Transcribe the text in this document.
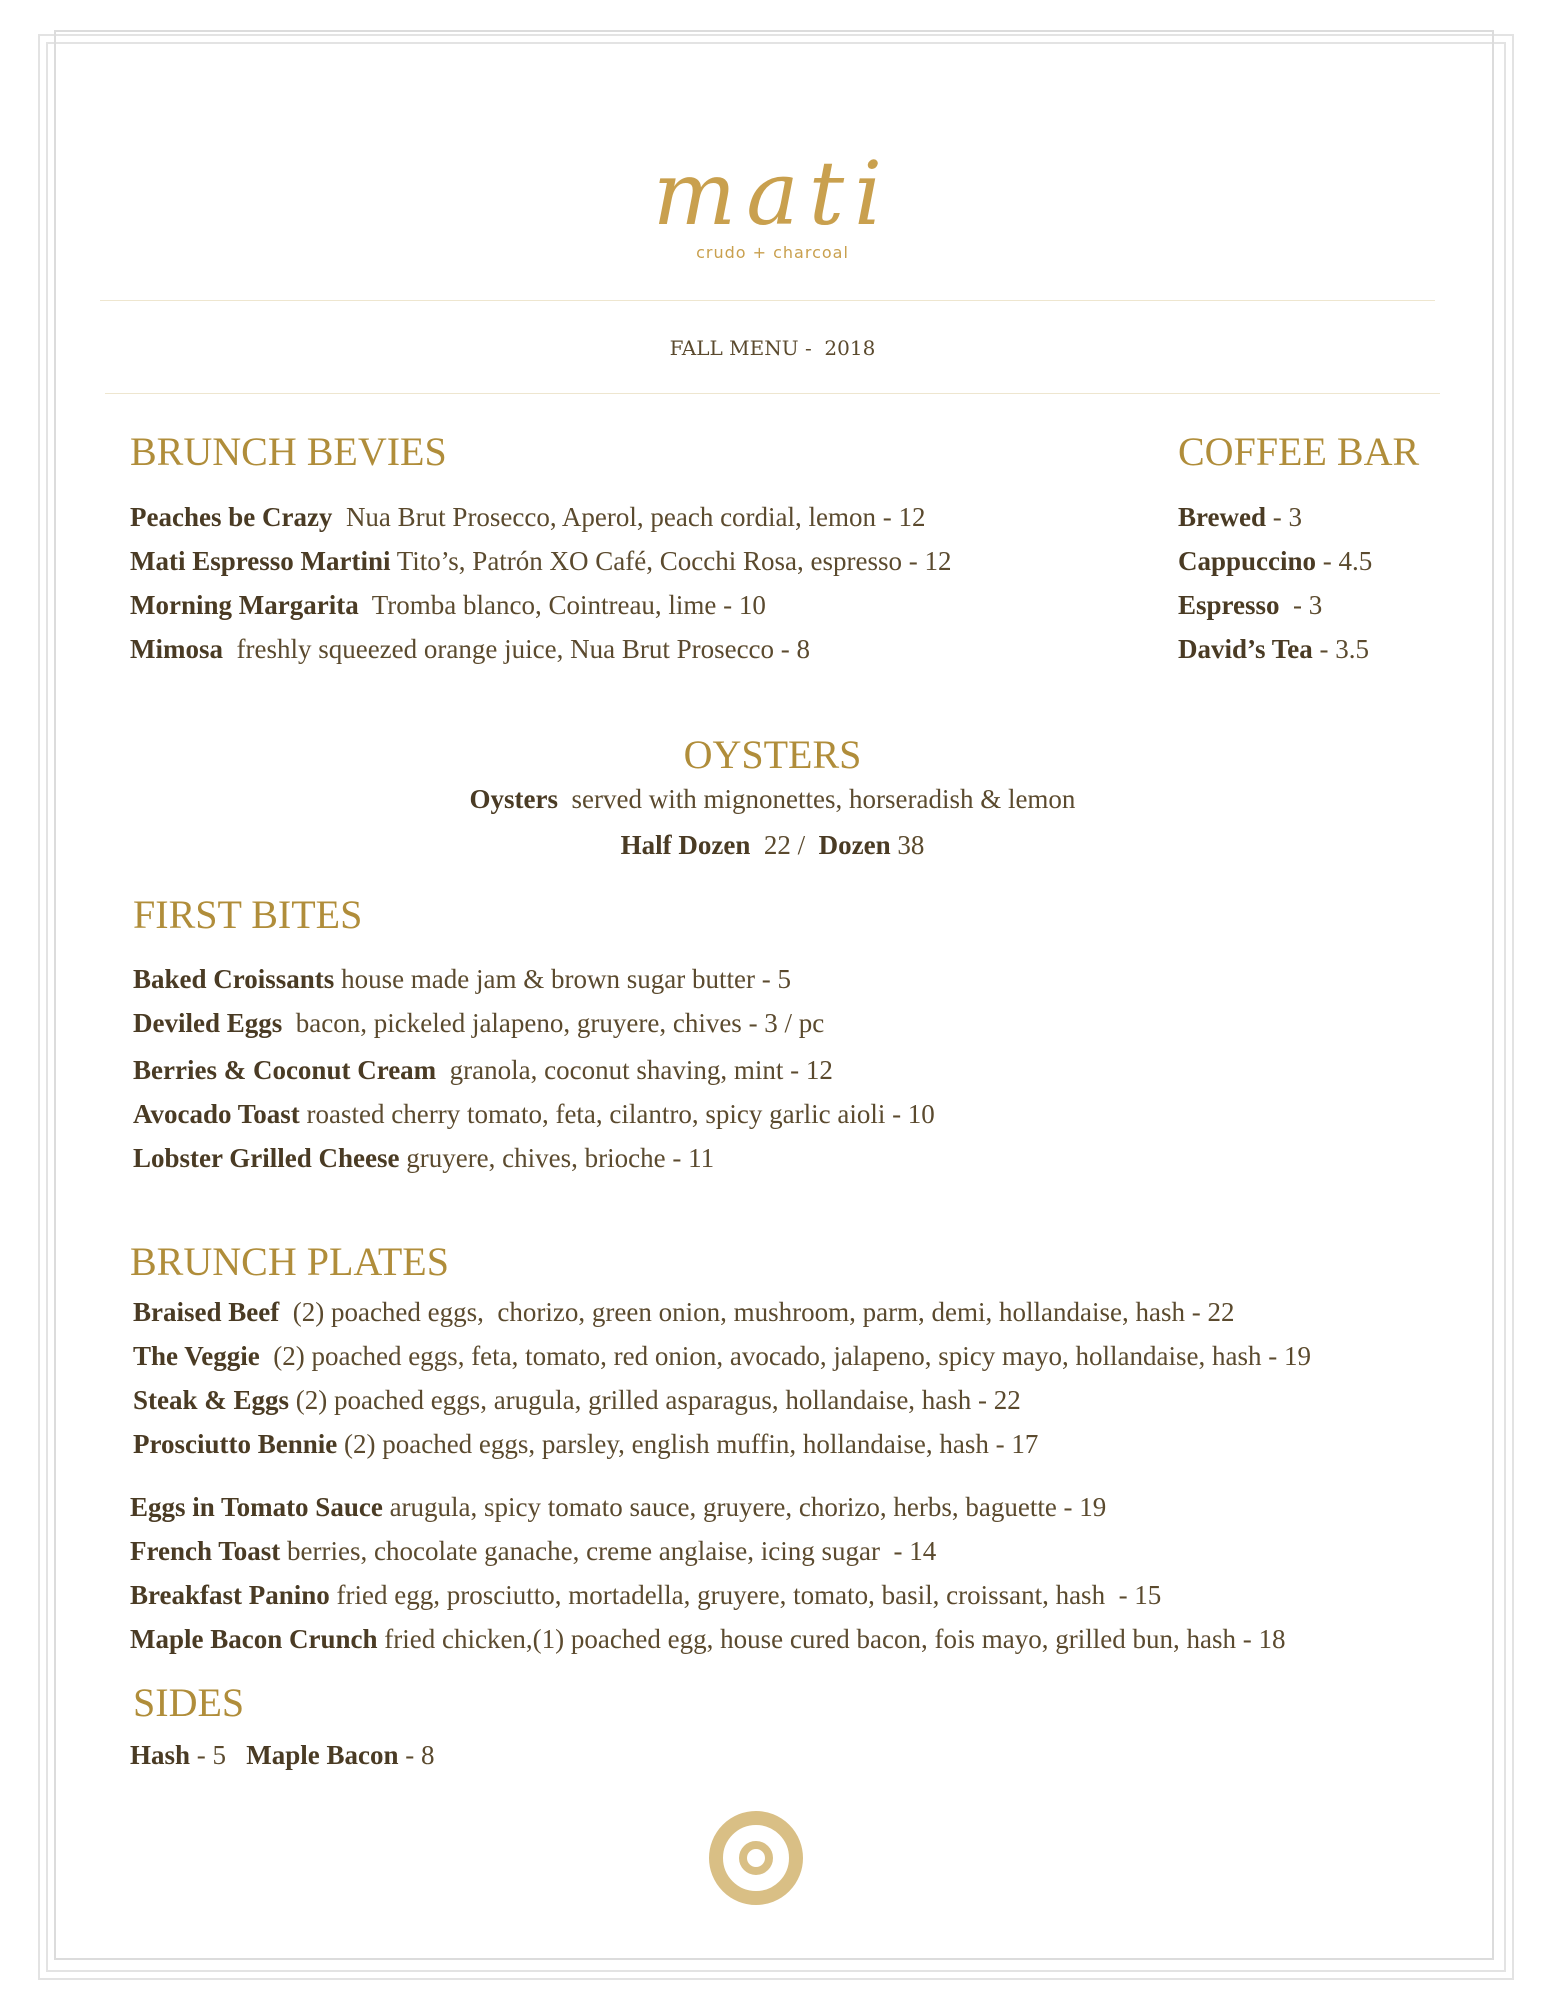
mati
crudo + charcoal
FALL MENU -  2018
BRUNCH BEVIES
Peaches be Crazy Nua Brut Prosecco, Aperol, peach cordial, lemon - 12
Mati Espresso Martini Tito’s, Patrón XO Café, Cocchi Rosa, espresso - 12
Morning Margarita Tromba blanco, Cointreau, lime - 10
Mimosa freshly squeezed orange juice, Nua Brut Prosecco - 8
COFFEE BAR
Brewed - 3
Cappuccino - 4.5
Espresso  - 3
David’s Tea - 3.5
OYSTERS
Oysters served with mignonettes, horseradish & lemon
Half Dozen 22 / Dozen 38
FIRST BITES
Baked Croissants house made jam & brown sugar butter - 5
Deviled Eggs bacon, pickeled jalapeno, gruyere, chives - 3 / pc
Berries & Coconut Cream granola, coconut shaving, mint - 12
Avocado Toast roasted cherry tomato, feta, cilantro, spicy garlic aioli - 10
Lobster Grilled Cheese gruyere, chives, brioche - 11
BRUNCH PLATES
Braised Beef (2) poached eggs,  chorizo, green onion, mushroom, parm, demi, hollandaise, hash - 22
The Veggie (2) poached eggs, feta, tomato, red onion, avocado, jalapeno, spicy mayo, hollandaise, hash - 19
Steak & Eggs (2) poached eggs, arugula, grilled asparagus, hollandaise, hash - 22
Prosciutto Bennie (2) poached eggs, parsley, english muffin, hollandaise, hash - 17
Eggs in Tomato Sauce arugula, spicy tomato sauce, gruyere, chorizo, herbs, baguette - 19
French Toast berries, chocolate ganache, creme anglaise, icing sugar  - 14
Breakfast Panino fried egg, prosciutto, mortadella, gruyere, tomato, basil, croissant, hash  - 15
Maple Bacon Crunch fried chicken,(1) poached egg, house cured bacon, fois mayo, grilled bun, hash - 18
SIDES
Hash - 5 Maple Bacon - 8
